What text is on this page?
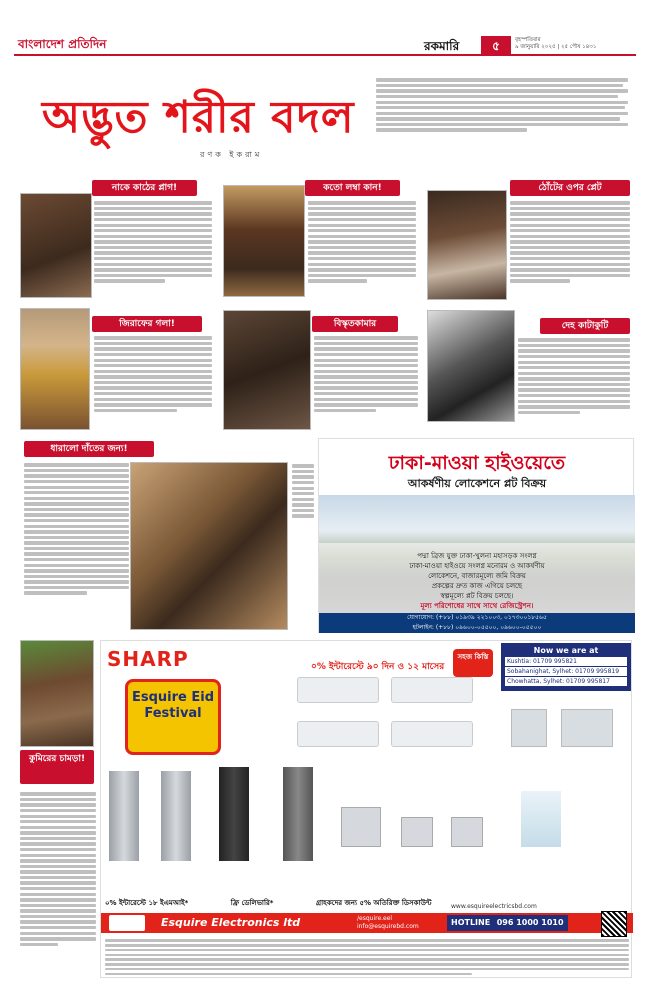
বাংলাদেশ প্রতিদিন	রকমারি	৫	বৃহস্পতিবার
৯ জানুয়ারি ২০২৫ | ২৫ পৌষ ১৪৩১
অদ্ভুত শরীর বদল
রণক ইকরাম
নাকে কাঠের প্লাগ!	কতো লম্বা কান!	ঠোঁটের ওপর প্লেট
জিরাফের গলা!	বিস্কৃতকামার	দেহ কাটাকুটি
ধারালো দাঁতের জন্য!
ঢাকা-মাওয়া হাইওয়েতে
আকর্ষণীয় লোকেশনে প্লট বিক্রয়
পদ্মা ব্রিজ যুক্ত ঢাকা-খুলনা মহাসড়ক সংলগ্ন
ঢাকা-মাওয়া হাইওয়ে সংলগ্ন মনোরম ও আকর্ষণীয়
লোকেশনে, বাজারমূল্যে জমি বিক্রয়
প্রকল্পের দ্রুত কাজ এগিয়ে চলছে
স্বল্পমূল্যে প্লট বিক্রয় চলছে।
মূল্য পরিশোধের সাথে সাথে রেজিস্ট্রেশন।
যোগাযোগ: (+৮৮) ০১৯৩৯ ২২১০০৩, ০১৭৩০০১৮৫৬৫
হটলাইন: (+৮৮) ০৯৬০০-০৫৫০০, ০৯৬০০-০৫৫০০
কুমিরের চামড়া!
SHARP
Esquire Eid Festival
০% ইন্টারেস্টে ৯০ দিন ও ১২ মাসের
সহজ কিস্তি
Now we are at
Kushtia: 01709 995821
Sobahanighat, Sylhet: 01709 995819
Chowhatta, Sylhet: 01709 995817
০% ইন্টারেস্টে ১৮ ইএমআই*	ফ্রি ডেলিভারি*	গ্রাহকদের জন্য ৫% অতিরিক্ত ডিসকাউন্ট
Esquire Electronics ltd	/esquire.eel
info@esquirebd.com	HOTLINE 096 1000 1010
www.esquireelectricsbd.com
